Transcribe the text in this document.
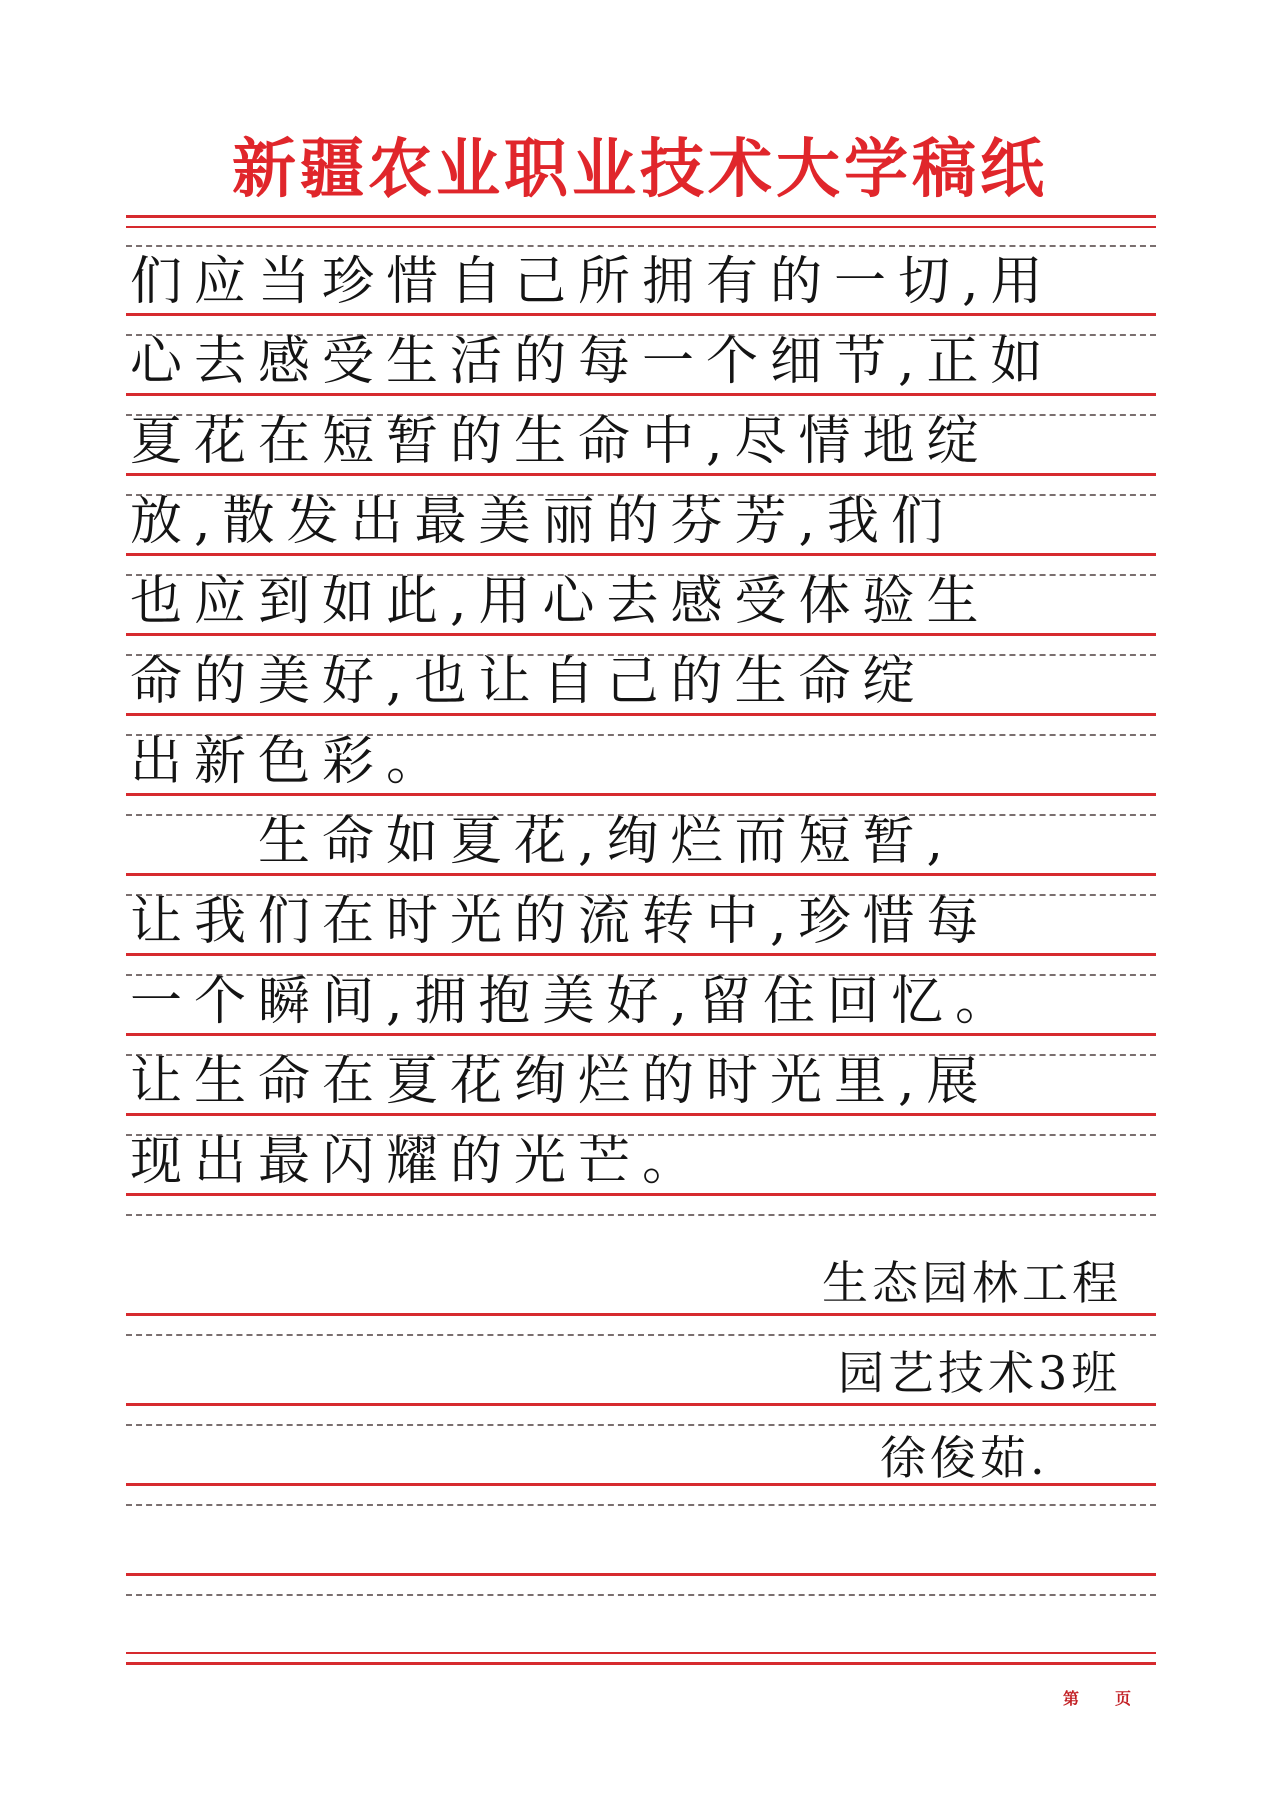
新疆农业职业技术大学稿纸
们应当珍惜自己所拥有的一切,用
心去感受生活的每一个细节,正如
夏花在短暂的生命中,尽情地绽
放,散发出最美丽的芬芳,我们
也应到如此,用心去感受体验生
命的美好,也让自己的生命绽
出新色彩。
　　生命如夏花,绚烂而短暂,
让我们在时光的流转中,珍惜每
一个瞬间,拥抱美好,留住回忆。
让生命在夏花绚烂的时光里,展
现出最闪耀的光芒。
生态园林工程
园艺技术3班
徐俊茹.
第 页
